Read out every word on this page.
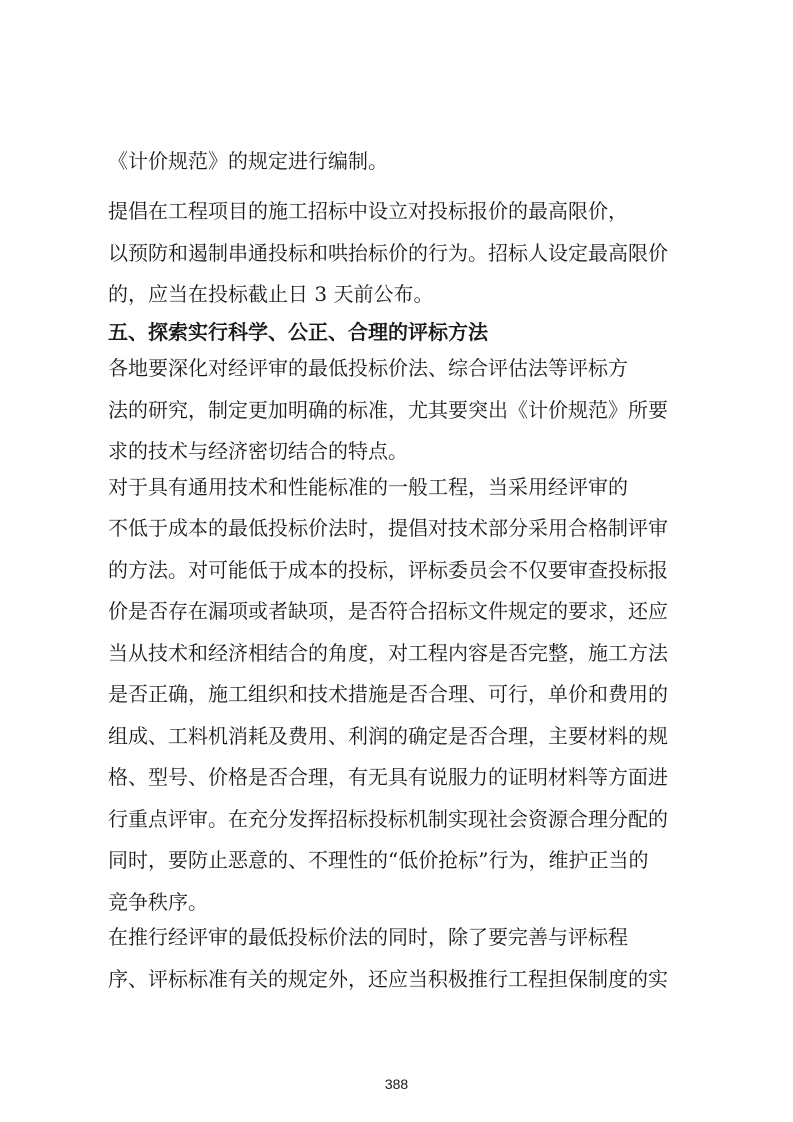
《计价规范》的规定进行编制。
提倡在工程项目的施工招标中设立对投标报价的最高限价，
以预防和遏制串通投标和哄抬标价的行为。招标人设定最高限价
的，应当在投标截止日 3 天前公布。
五、探索实行科学、公正、合理的评标方法
各地要深化对经评审的最低投标价法、综合评估法等评标方
法的研究，制定更加明确的标准，尤其要突出《计价规范》所要
求的技术与经济密切结合的特点。
对于具有通用技术和性能标准的一般工程，当采用经评审的
不低于成本的最低投标价法时，提倡对技术部分采用合格制评审
的方法。对可能低于成本的投标，评标委员会不仅要审查投标报
价是否存在漏项或者缺项，是否符合招标文件规定的要求，还应
当从技术和经济相结合的角度，对工程内容是否完整，施工方法
是否正确，施工组织和技术措施是否合理、可行，单价和费用的
组成、工料机消耗及费用、利润的确定是否合理，主要材料的规
格、型号、价格是否合理，有无具有说服力的证明材料等方面进
行重点评审。在充分发挥招标投标机制实现社会资源合理分配的
同时，要防止恶意的、不理性的“低价抢标”行为，维护正当的
竞争秩序。
在推行经评审的最低投标价法的同时，除了要完善与评标程
序、评标标准有关的规定外，还应当积极推行工程担保制度的实
388
